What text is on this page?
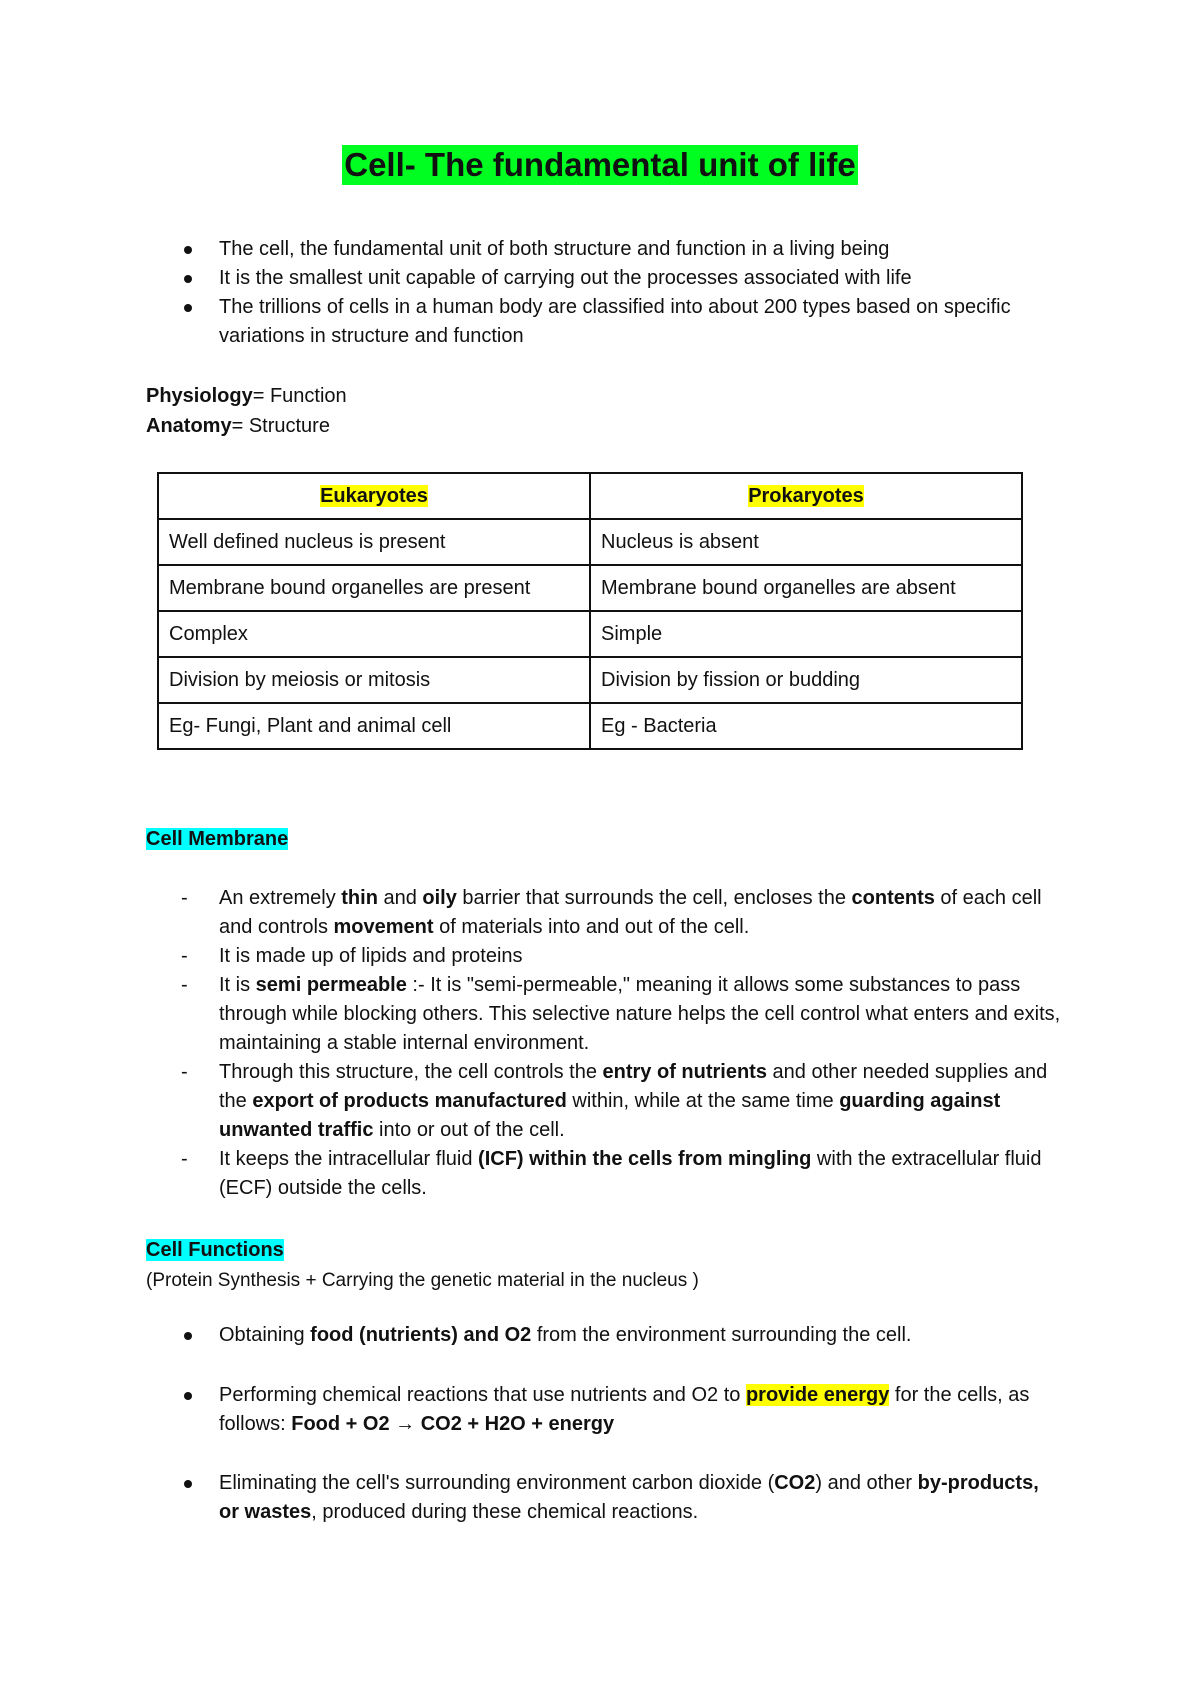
Cell- The fundamental unit of life
The cell, the fundamental unit of both structure and function in a living being
It is the smallest unit capable of carrying out the processes associated with life
The trillions of cells in a human body are classified into about 200 types based on specific variations in structure and function
Physiology= Function
Anatomy= Structure
Eukaryotes	Prokaryotes
Well defined nucleus is present	Nucleus is absent
Membrane bound organelles are present	Membrane bound organelles are absent
Complex	Simple
Division by meiosis or mitosis	Division by fission or budding
Eg- Fungi, Plant and animal cell	Eg - Bacteria
Cell Membrane
- An extremely thin and oily barrier that surrounds the cell, encloses the contents of each cell and controls movement of materials into and out of the cell.
- It is made up of lipids and proteins
- It is semi permeable :- It is "semi-permeable," meaning it allows some substances to pass through while blocking others. This selective nature helps the cell control what enters and exits, maintaining a stable internal environment.
- Through this structure, the cell controls the entry of nutrients and other needed supplies and the export of products manufactured within, while at the same time guarding against unwanted traffic into or out of the cell.
- It keeps the intracellular fluid (ICF) within the cells from mingling with the extracellular fluid (ECF) outside the cells.
Cell Functions
(Protein Synthesis + Carrying the genetic material in the nucleus )
Obtaining food (nutrients) and O2 from the environment surrounding the cell.
Performing chemical reactions that use nutrients and O2 to provide energy for the cells, as follows: Food + O2 → CO2 + H2O + energy
Eliminating the cell's surrounding environment carbon dioxide (CO2) and other by-products, or wastes, produced during these chemical reactions.
